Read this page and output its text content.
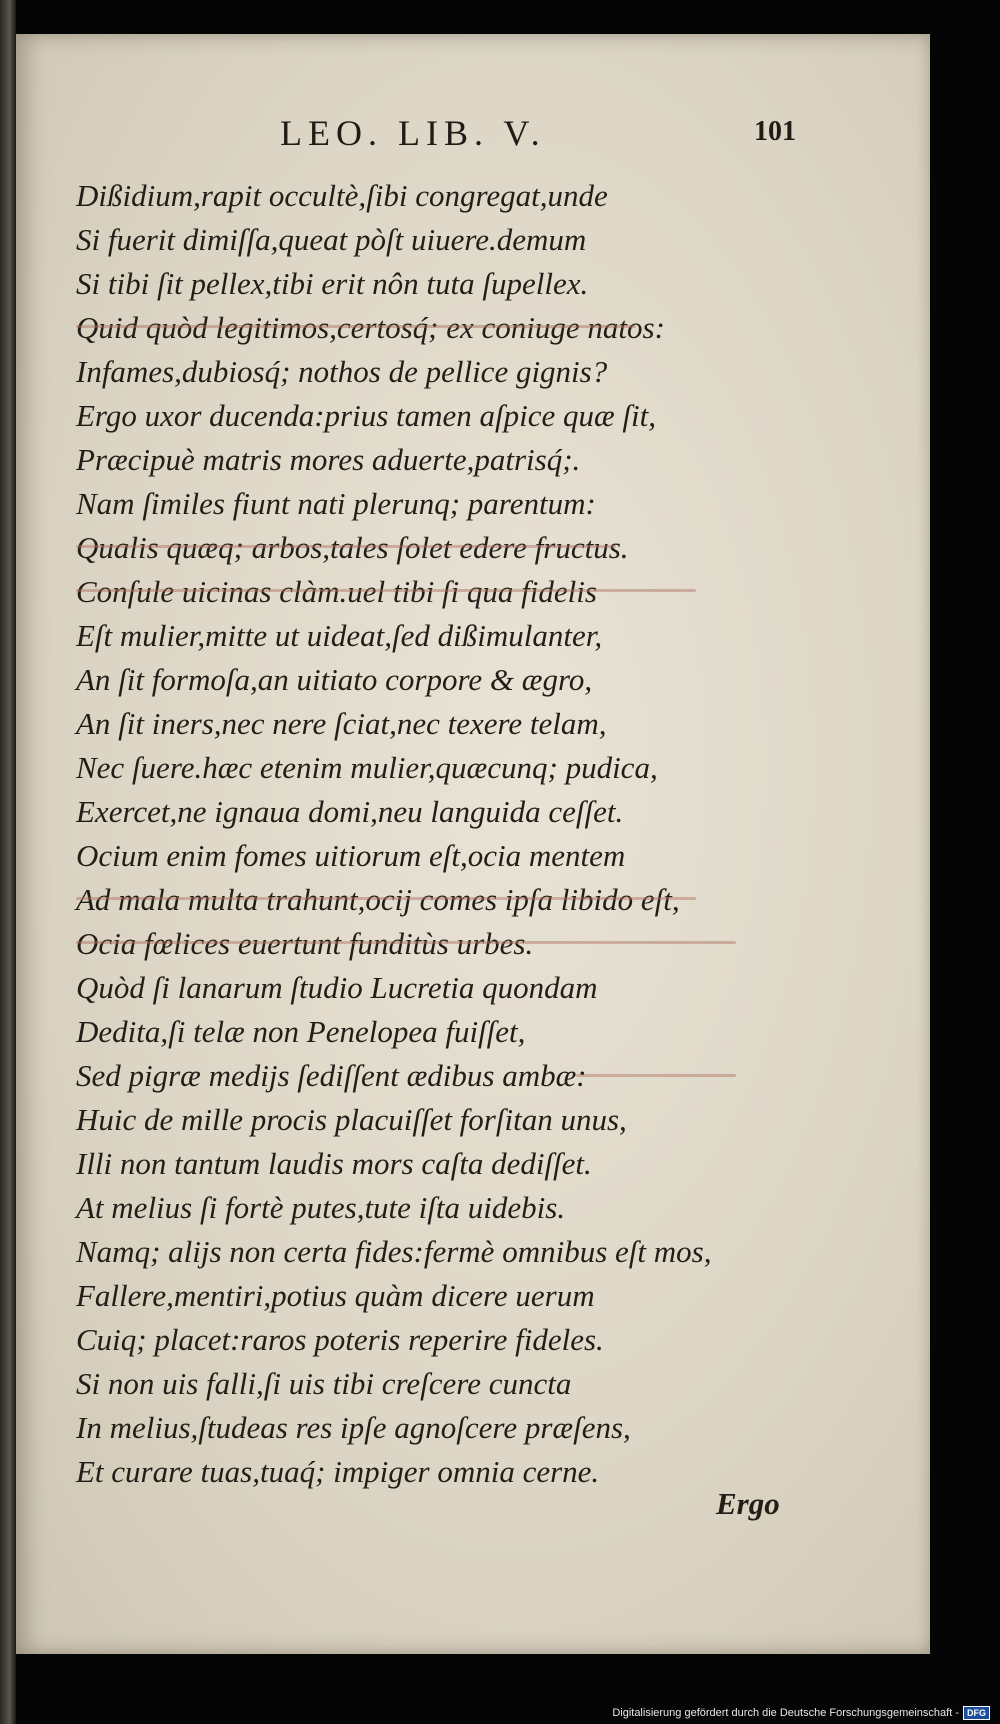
LEO. LIB. V.	101
Dißidium,rapit occultè,ſibi congregat,unde
Si fuerit dimiſſa,queat pòſt uiuere.demum
Si tibi ſit pellex,tibi erit nôn tuta ſupellex.
Quid quòd legitimos,certosq́; ex coniuge natos:
Infames,dubiosq́; nothos de pellice gignis?
Ergo uxor ducenda:prius tamen aſpice quæ ſit,
Præcipuè matris mores aduerte,patrisq́;.
Nam ſimiles fiunt nati plerunq; parentum:
Qualis quæq; arbos,tales ſolet edere fructus.
Conſule uicinas clàm.uel tibi ſi qua fidelis
Eſt mulier,mitte ut uideat,ſed dißimulanter,
An ſit formoſa,an uitiato corpore & ægro,
An ſit iners,nec nere ſciat,nec texere telam,
Nec ſuere.hæc etenim mulier,quæcunq; pudica,
Exercet,ne ignaua domi,neu languida ceſſet.
Ocium enim fomes uitiorum eſt,ocia mentem
Ad mala multa trahunt,ocij comes ipſa libido eſt,
Ocia fœlices euertunt funditùs urbes.
Quòd ſi lanarum ſtudio Lucretia quondam
Dedita,ſi telæ non Penelopea fuiſſet,
Sed pigræ medijs ſediſſent ædibus ambæ:
Huic de mille procis placuiſſet forſitan unus,
Illi non tantum laudis mors caſta dediſſet.
At melius ſi fortè putes,tute iſta uidebis.
Namq; alijs non certa fides:fermè omnibus eſt mos,
Fallere,mentiri,potius quàm dicere uerum
Cuiq; placet:raros poteris reperire fideles.
Si non uis falli,ſi uis tibi creſcere cuncta
In melius,ſtudeas res ipſe agnoſcere præſens,
Et curare tuas,tuaq́; impiger omnia cerne.
Ergo
Digitalisierung gefördert durch die Deutsche Forschungsgemeinschaft - DFG
